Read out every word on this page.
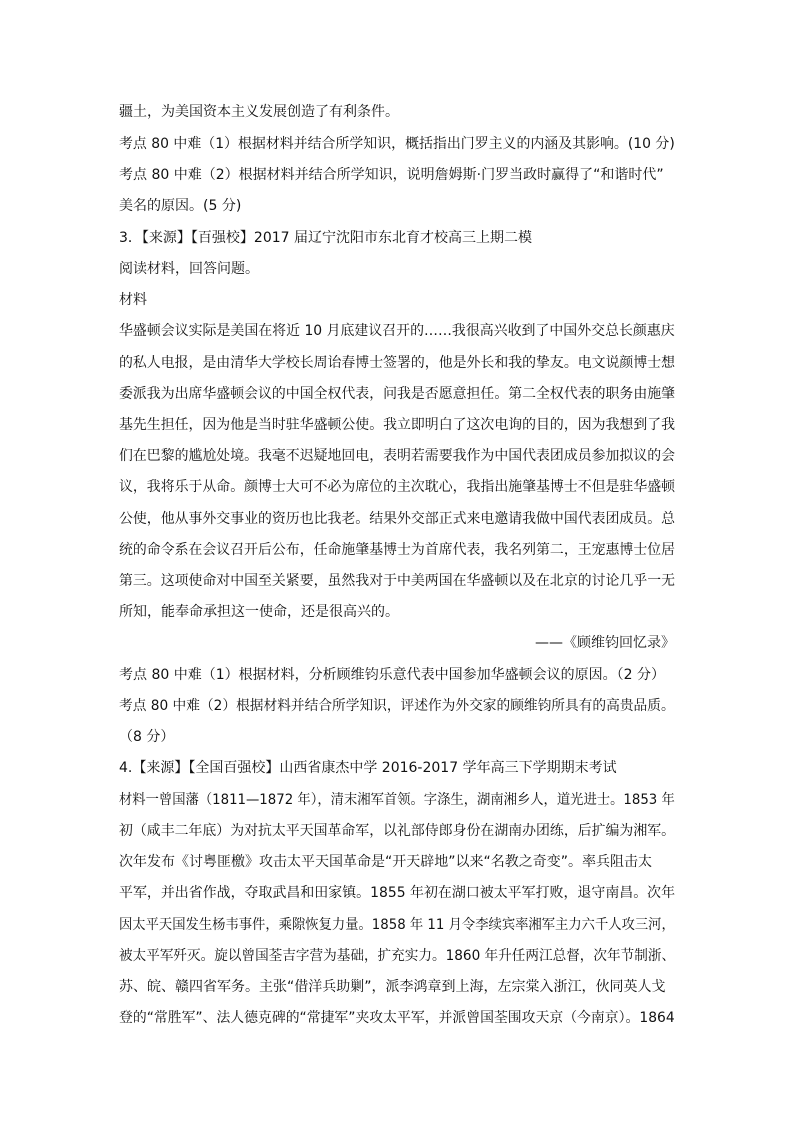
疆土，为美国资本主义发展创造了有利条件。
考点 80 中难（1）根据材料并结合所学知识，概括指出门罗主义的内涵及其影响。(10 分)
考点 80 中难（2）根据材料并结合所学知识，说明詹姆斯·门罗当政时赢得了“和谐时代”
美名的原因。(5 分)
3．【来源】【百强校】2017 届辽宁沈阳市东北育才校高三上期二模
阅读材料，回答问题。
材料
华盛顿会议实际是美国在将近 10 月底建议召开的……我很高兴收到了中国外交总长颜惠庆
的私人电报，是由清华大学校长周诒春博士签署的，他是外长和我的挚友。电文说颜博士想
委派我为出席华盛顿会议的中国全权代表，问我是否愿意担任。第二全权代表的职务由施肇
基先生担任，因为他是当时驻华盛顿公使。我立即明白了这次电询的目的，因为我想到了我
们在巴黎的尴尬处境。我毫不迟疑地回电，表明若需要我作为中国代表团成员参加拟议的会
议，我将乐于从命。颜博士大可不必为席位的主次耽心，我指出施肇基博士不但是驻华盛顿
公使，他从事外交事业的资历也比我老。结果外交部正式来电邀请我做中国代表团成员。总
统的命令系在会议召开后公布，任命施肇基博士为首席代表，我名列第二，王宠惠博士位居
第三。这项使命对中国至关紧要，虽然我对于中美两国在华盛顿以及在北京的讨论几乎一无
所知，能奉命承担这一使命，还是很高兴的。
——《顾维钧回忆录》
考点 80 中难（1）根据材料，分析顾维钧乐意代表中国参加华盛顿会议的原因。（2 分）
考点 80 中难（2）根据材料并结合所学知识，评述作为外交家的顾维钧所具有的高贵品质。
（8 分）
4.【来源】【全国百强校】山西省康杰中学 2016-2017 学年高三下学期期末考试
材料一曾国藩（1811—1872 年），清末湘军首领。字涤生，湖南湘乡人，道光进士。1853 年
初（咸丰二年底）为对抗太平天国革命军，以礼部侍郎身份在湖南办团练，后扩编为湘军。
次年发布《讨粤匪檄》攻击太平天国革命是“开天辟地”以来“名教之奇变”。率兵阻击太
平军，并出省作战，夺取武昌和田家镇。1855 年初在湖口被太平军打败，退守南昌。次年
因太平天国发生杨韦事件，乘隙恢复力量。1858 年 11 月令李续宾率湘军主力六千人攻三河，
被太平军歼灭。旋以曾国荃吉字营为基础，扩充实力。1860 年升任两江总督，次年节制浙、
苏、皖、赣四省军务。主张“借洋兵助剿”，派李鸿章到上海，左宗棠入浙江，伙同英人戈
登的“常胜军”、法人德克碑的“常捷军”夹攻太平军，并派曾国荃围攻天京（今南京）。1864
